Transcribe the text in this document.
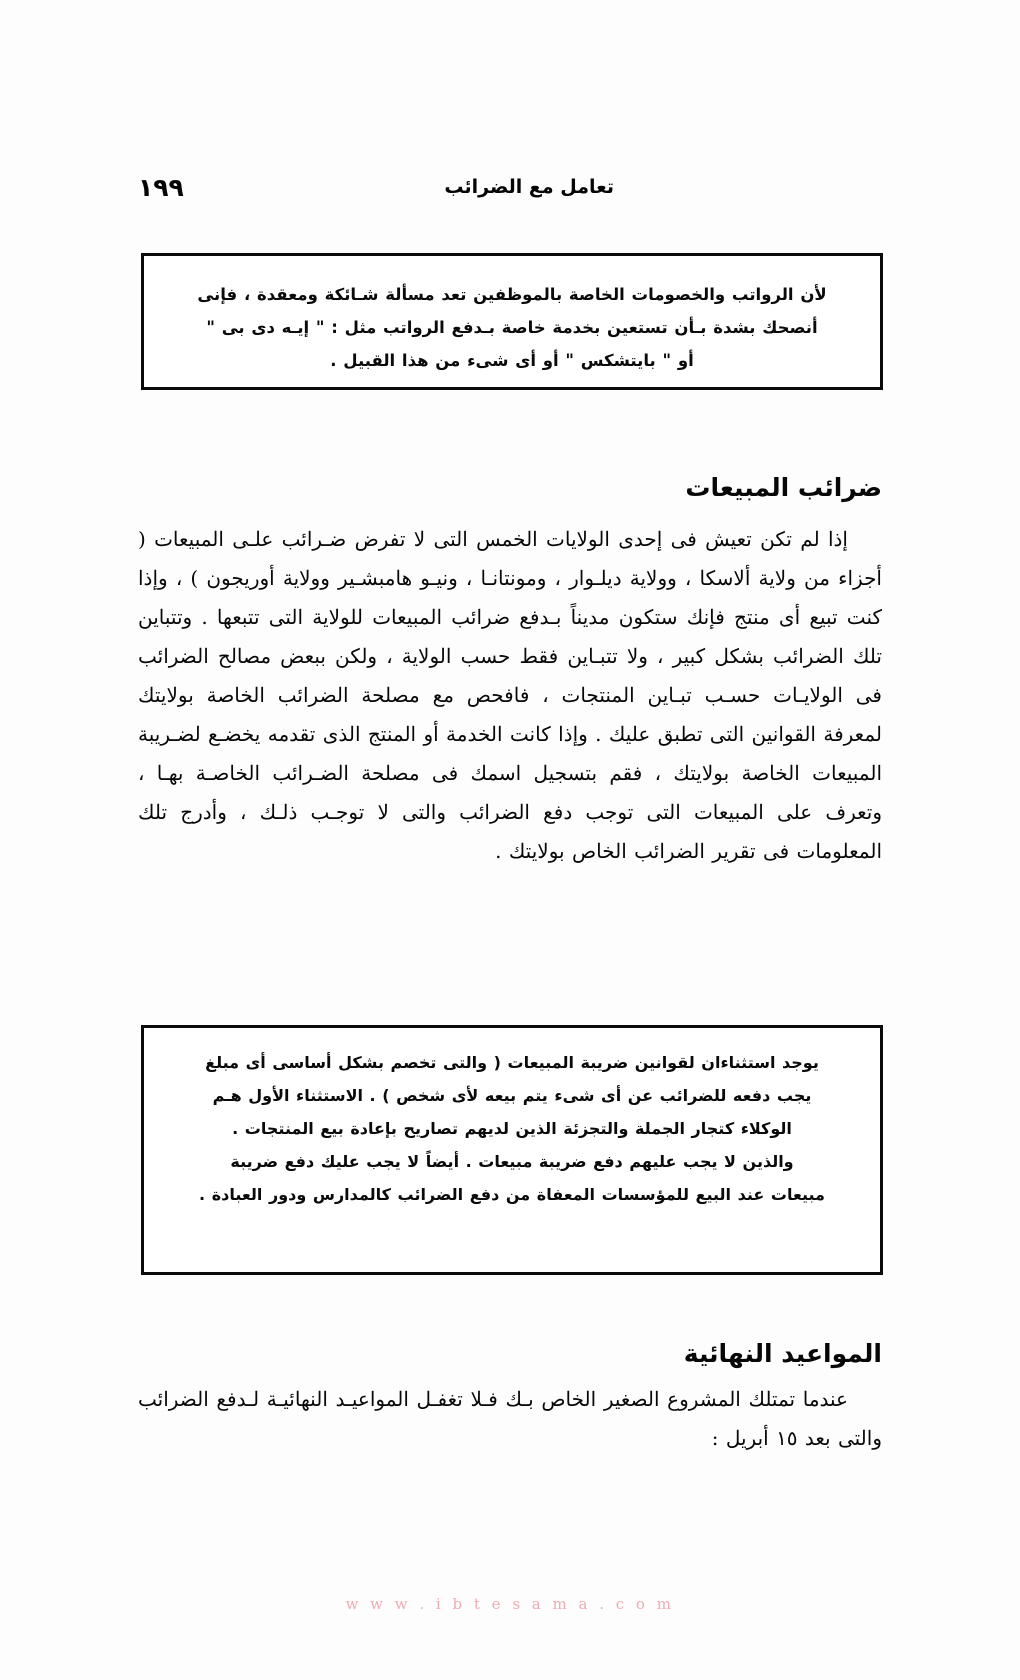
تعامل مع الضرائب
١٩٩

لأن الرواتب والخصومات الخاصة بالموظفين تعد مسألة شـائكة ومعقدة ، فإنى

أنصحك بشدة بـأن تستعين بخدمة خاصة بـدفع الرواتب مثل : " إيـه دى بى "

أو " بايتشكس " أو أى شىء من هذا القبيل .

ضرائب المبيعات
إذا لم تكن تعيش فى إحدى الولايات الخمس التى لا تفرض ضـرائب علـى المبيعات ( أجزاء من ولاية ألاسكا ، وولاية ديلـوار ، ومونتانـا ، ونيـو هامبشـير وولاية أوريجون ) ، وإذا كنت تبيع أى منتج فإنك ستكون مديناً بـدفع ضرائب المبيعات للولاية التى تتبعها . وتتباين تلك الضرائب بشكل كبير ، ولا تتبـاين فقط حسب الولاية ، ولكن ببعض مصالح الضرائب فى الولايـات حسـب تبـاين المنتجات ، فافحص مع مصلحة الضرائب الخاصة بولايتك لمعرفة القوانين التى تطبق عليك . وإذا كانت الخدمة أو المنتج الذى تقدمه يخضـع لضـريبة المبيعات الخاصة بولايتك ، فقم بتسجيل اسمك فى مصلحة الضـرائب الخاصـة بهـا ، وتعرف على المبيعات التى توجب دفع الضرائب والتى لا توجـب ذلـك ، وأدرج تلك المعلومات فى تقرير الضرائب الخاص بولايتك .

يوجد استثناءان لقوانين ضريبة المبيعات ( والتى تخصم بشكل أساسى أى مبلغ

يجب دفعه للضرائب عن أى شىء يتم بيعه لأى شخص ) . الاستثناء الأول هـم

الوكلاء كتجار الجملة والتجزئة الذين لديهم تصاريح بإعادة بيع المنتجات .

والذين لا يجب عليهم دفع ضريبة مبيعات . أيضاً لا يجب عليك دفع ضريبة

مبيعات عند البيع للمؤسسات المعفاة من دفع الضرائب كالمدارس ودور العبادة .

المواعيد النهائية
عندما تمتلك المشروع الصغير الخاص بـك فـلا تغفـل المواعيـد النهائيـة لـدفع الضرائب والتى بعد ١٥ أبريل :
w w w . i b t e s a m a . c o m
